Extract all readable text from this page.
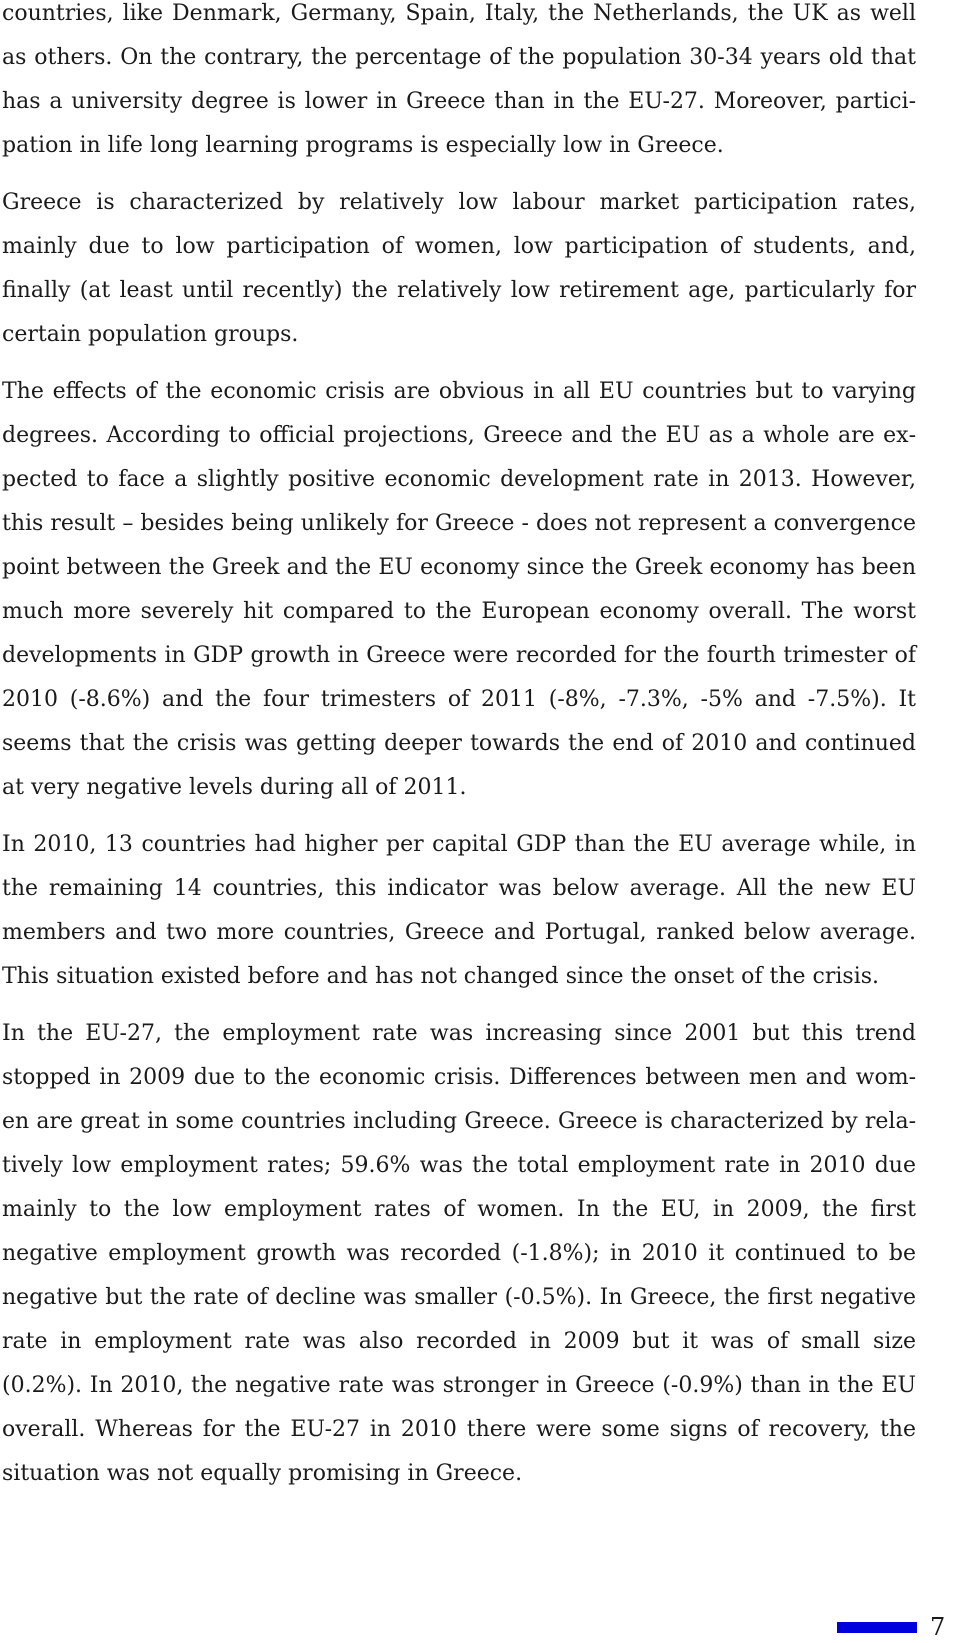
countries, like Denmark, Germany, Spain, Italy, the Netherlands, the UK as well as others. On the contrary, the percentage of the population 30-34 years old that has a university degree is lower in Greece than in the EU-27. Moreover, participation in life long learning programs is especially low in Greece.

Greece is characterized by relatively low labour market participation rates, mainly due to low participation of women, low participation of students, and, finally (at least until recently) the relatively low retirement age, particularly for certain population groups.

The effects of the economic crisis are obvious in all EU countries but to varying degrees. According to official projections, Greece and the EU as a whole are expected to face a slightly positive economic development rate in 2013. However, this result – besides being unlikely for Greece - does not represent a convergence point between the Greek and the EU economy since the Greek economy has been much more severely hit compared to the European economy overall. The worst developments in GDP growth in Greece were recorded for the fourth trimester of 2010 (-8.6%) and the four trimesters of 2011 (-8%, -7.3%, -5% and -7.5%). It seems that the crisis was getting deeper towards the end of 2010 and continued at very negative levels during all of 2011.

In 2010, 13 countries had higher per capital GDP than the EU average while, in the remaining 14 countries, this indicator was below average. All the new EU members and two more countries, Greece and Portugal, ranked below average. This situation existed before and has not changed since the onset of the crisis.

In the EU-27, the employment rate was increasing since 2001 but this trend stopped in 2009 due to the economic crisis. Differences between men and women are great in some countries including Greece. Greece is characterized by relatively low employment rates; 59.6% was the total employment rate in 2010 due mainly to the low employment rates of women. In the EU, in 2009, the first negative employment growth was recorded (-1.8%); in 2010 it continued to be negative but the rate of decline was smaller (-0.5%). In Greece, the first negative rate in employment rate was also recorded in 2009 but it was of small size (0.2%). In 2010, the negative rate was stronger in Greece (-0.9%) than in the EU overall. Whereas for the EU-27 in 2010 there were some signs of recovery, the situation was not equally promising in Greece.

7
